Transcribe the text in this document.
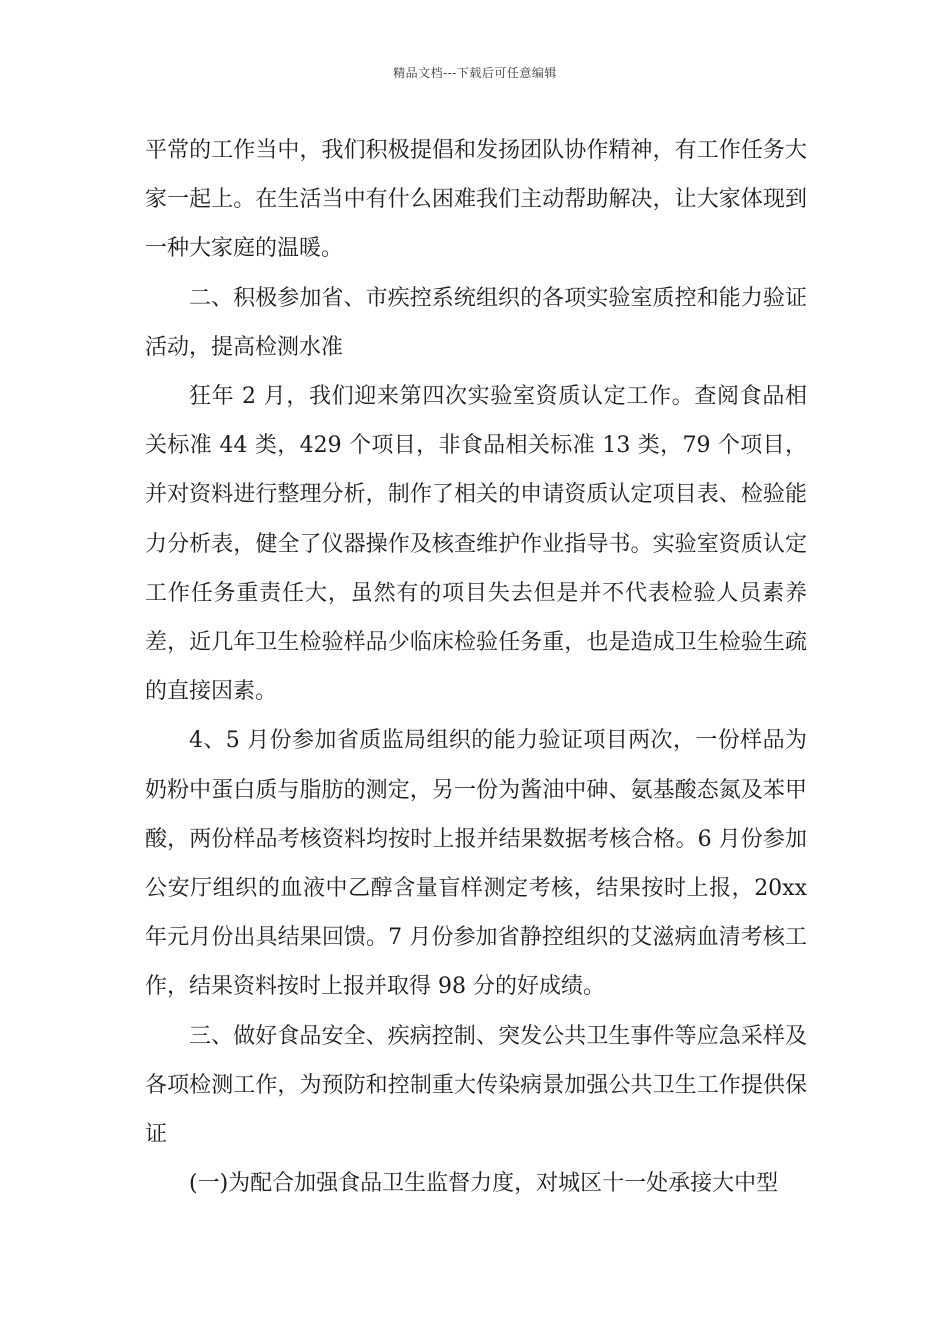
精品文档---下载后可任意编辑

平常的工作当中，我们积极提倡和发扬团队协作精神，有工作任务大家一起上。在生活当中有什么困难我们主动帮助解决，让大家体现到一种大家庭的温暖。

二、积极参加省、市疾控系统组织的各项实验室质控和能力验证活动，提高检测水准

狂年 2 月，我们迎来第四次实验室资质认定工作。查阅食品相关标准 44 类，429 个项目，非食品相关标准 13 类，79 个项目，并对资料进行整理分析，制作了相关的申请资质认定项目表、检验能力分析表，健全了仪器操作及核查维护作业指导书。实验室资质认定工作任务重责任大，虽然有的项目失去但是并不代表检验人员素养差，近几年卫生检验样品少临床检验任务重，也是造成卫生检验生疏的直接因素。

4、5 月份参加省质监局组织的能力验证项目两次，一份样品为奶粉中蛋白质与脂肪的测定，另一份为酱油中砷、氨基酸态氮及苯甲酸，两份样品考核资料均按时上报并结果数据考核合格。6 月份参加公安厅组织的血液中乙醇含量盲样测定考核，结果按时上报，20xx 年元月份出具结果回馈。7 月份参加省静控组织的艾滋病血清考核工作，结果资料按时上报并取得 98 分的好成绩。

三、做好食品安全、疾病控制、突发公共卫生事件等应急采样及各项检测工作，为预防和控制重大传染病景加强公共卫生工作提供保证

(一)为配合加强食品卫生监督力度，对城区十一处承接大中型
